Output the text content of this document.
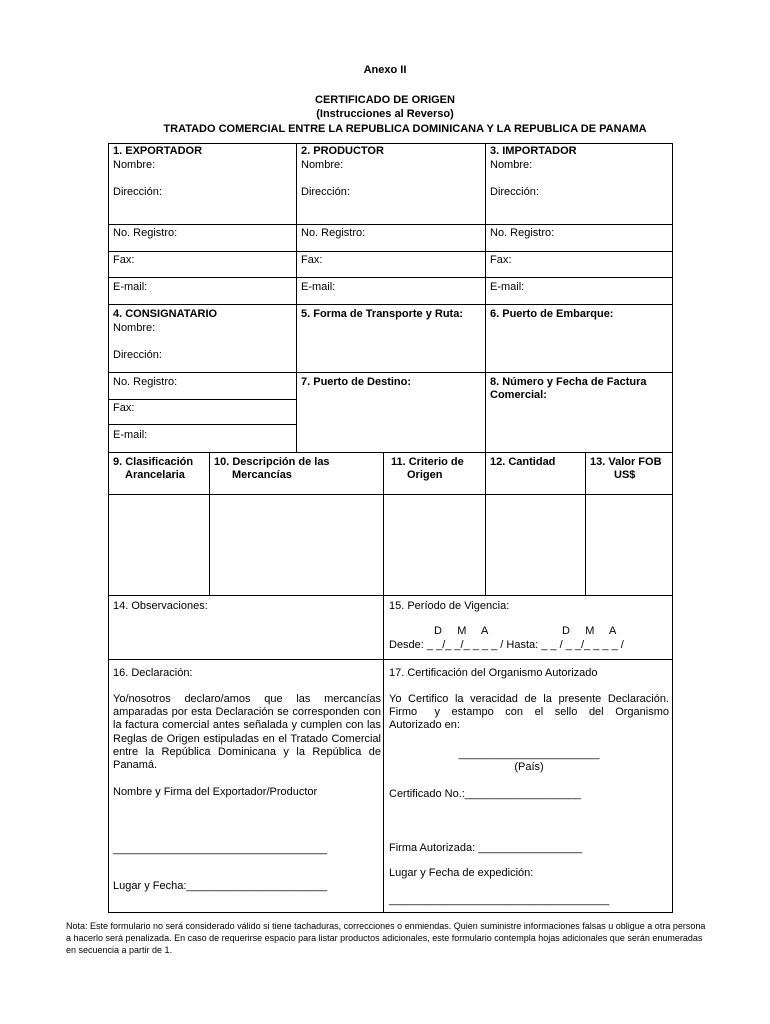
Anexo II
CERTIFICADO DE ORIGEN
(Instrucciones al Reverso)
TRATADO COMERCIAL ENTRE LA REPUBLICA DOMINICANA Y LA REPUBLICA DE PANAMA
1. EXPORTADOR
Nombre:
Dirección:
No. Registro:
Fax:
E-mail:
2. PRODUCTOR
Nombre:
Dirección:
No. Registro:
Fax:
E-mail:
3. IMPORTADOR
Nombre:
Dirección:
No. Registro:
Fax:
E-mail:
4. CONSIGNATARIO
Nombre:
Dirección:
No. Registro:
Fax:
E-mail:
5. Forma de Transporte y Ruta: 6. Puerto de Embarque:
7. Puerto de Destino:	8. Número y Fecha de Factura
Comercial:
9. Clasificación
Arancelaria
10. Descripción de las
Mercancías
11. Criterio de
Origen
12. Cantidad	13. Valor FOB
US$
14. Observaciones:	15. Período de Vigencia:
D     M     A	D     M     A
Desde: _ _/_ _/_ _ _ _ / Hasta: _ _ / _ _/_ _ _ _ /
16. Declaración:
Yo/nosotros declaro/amos que las mercancías amparadas por esta Declaración se corresponden con la factura comercial antes señalada y cumplen con las Reglas de Origen estipuladas en el Tratado Comercial entre la República Dominicana y la República de Panamá.
Nombre y Firma del Exportador/Productor
___________________________________
Lugar y Fecha:_______________________
17. Certificación del Organismo Autorizado
Yo Certifico la veracidad de la presente Declaración. Firmo   y  estampo  con  el  sello  del  Organismo Autorizado en:
_______________________
(País)
Certificado No.:___________________
Firma Autorizada: _________________
Lugar y Fecha de expedición:
____________________________________
Nota: Este formulario no será considerado válido si tiene tachaduras, correcciones o enmiendas. Quien suministre informaciones falsas u obligue a otra persona a hacerlo será penalizada. En caso de requerirse espacio para listar productos adicionales, este formulario contempla hojas adicionales que serán enumeradas en secuencia a partir de 1.
